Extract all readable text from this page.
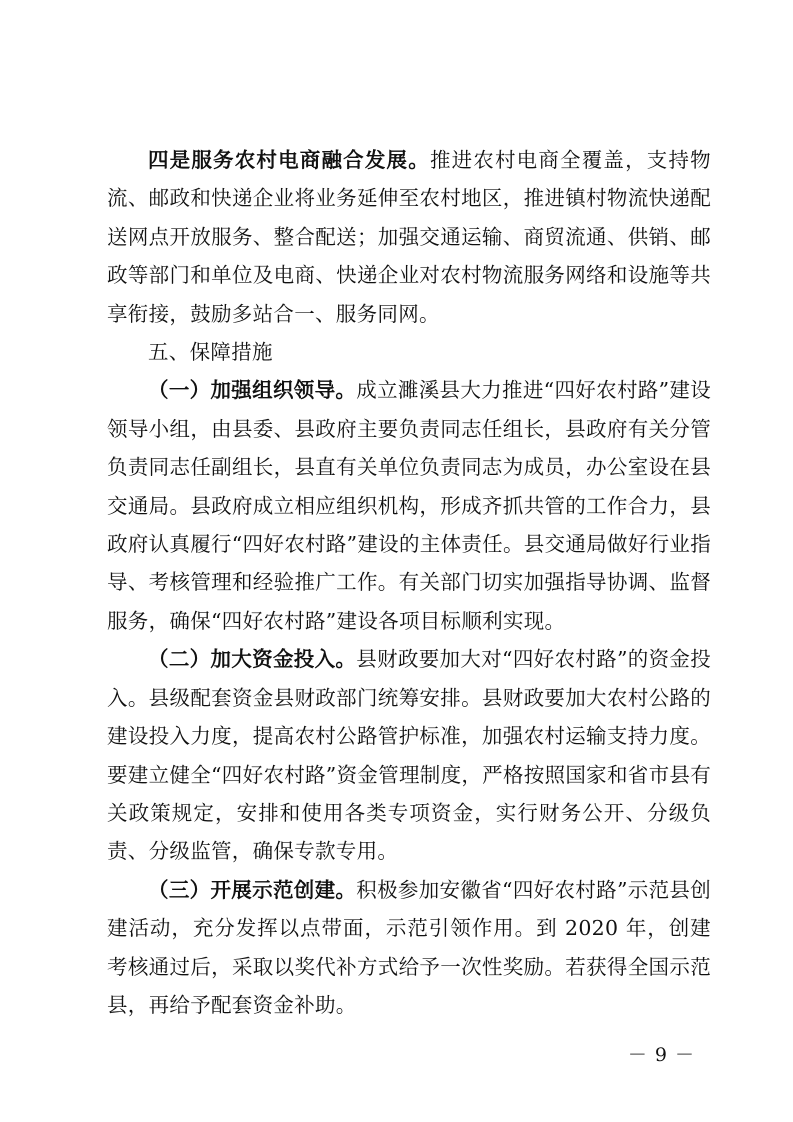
四是服务农村电商融合发展。推进农村电商全覆盖，支持物流、邮政和快递企业将业务延伸至农村地区，推进镇村物流快递配送网点开放服务、整合配送；加强交通运输、商贸流通、供销、邮政等部门和单位及电商、快递企业对农村物流服务网络和设施等共享衔接，鼓励多站合一、服务同网。

五、保障措施

（一）加强组织领导。成立濉溪县大力推进“四好农村路”建设领导小组，由县委、县政府主要负责同志任组长，县政府有关分管负责同志任副组长，县直有关单位负责同志为成员，办公室设在县交通局。县政府成立相应组织机构，形成齐抓共管的工作合力，县政府认真履行“四好农村路”建设的主体责任。县交通局做好行业指导、考核管理和经验推广工作。有关部门切实加强指导协调、监督服务，确保“四好农村路”建设各项目标顺利实现。

（二）加大资金投入。县财政要加大对“四好农村路”的资金投入。县级配套资金县财政部门统筹安排。县财政要加大农村公路的建设投入力度，提高农村公路管护标准，加强农村运输支持力度。要建立健全“四好农村路”资金管理制度，严格按照国家和省市县有关政策规定，安排和使用各类专项资金，实行财务公开、分级负责、分级监管，确保专款专用。

（三）开展示范创建。积极参加安徽省“四好农村路”示范县创建活动，充分发挥以点带面，示范引领作用。到 2020 年，创建考核通过后，采取以奖代补方式给予一次性奖励。若获得全国示范县，再给予配套资金补助。

－ 9 －
